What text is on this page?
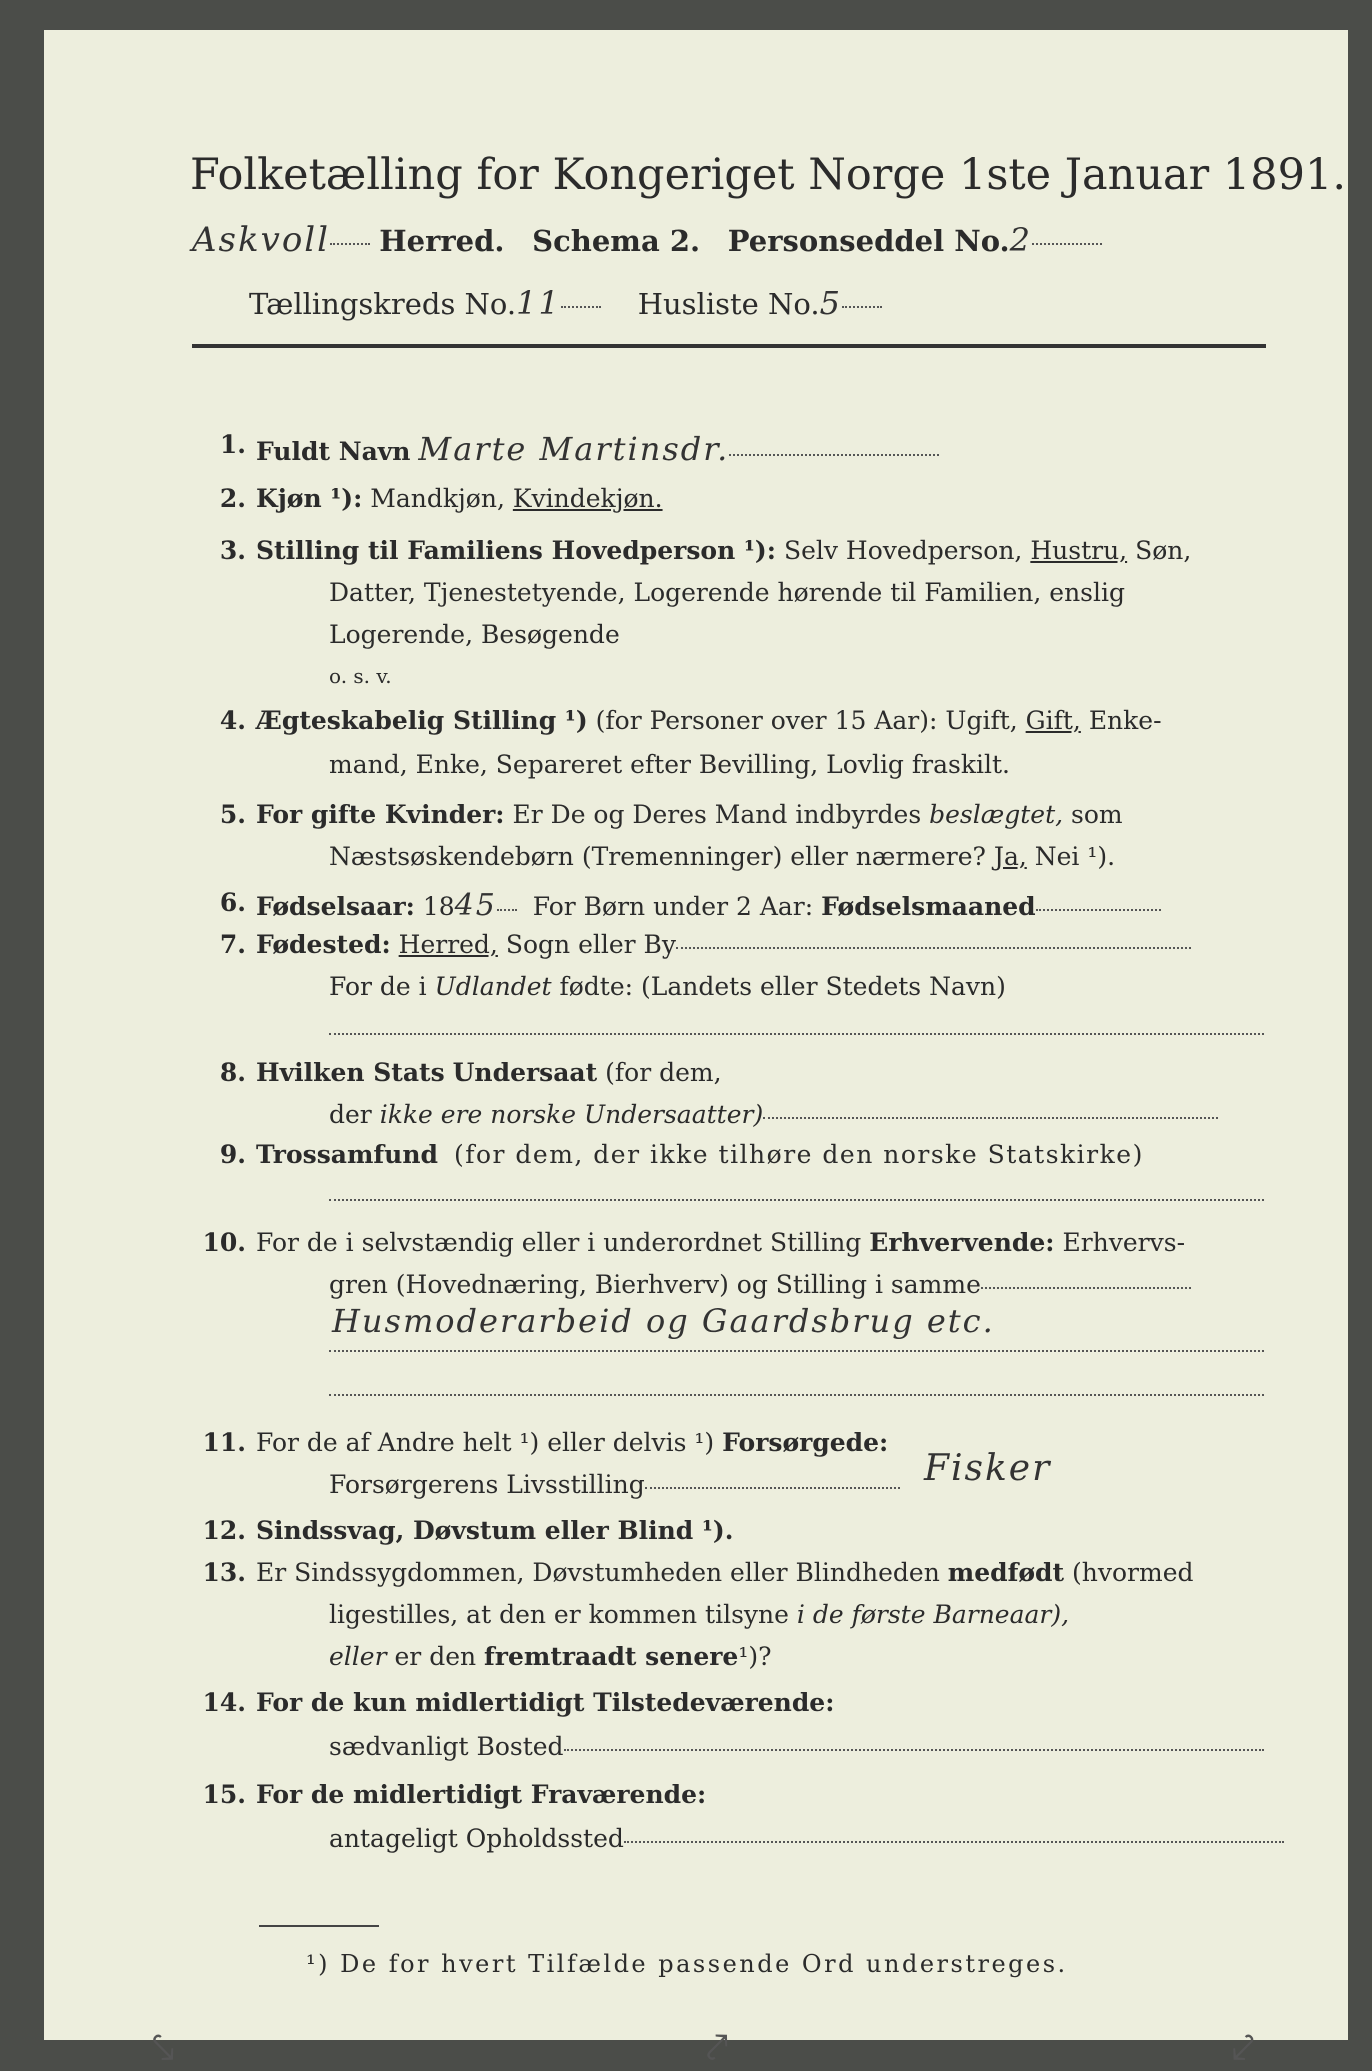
Folketælling for Kongeriget Norge 1ste Januar 1891.
Askvoll Herred. Schema 2. Personseddel No.2
Tællingskreds No.11	Husliste No.5
1. Fuldt Navn Marte Martinsdr.
2. Kjøn ¹): Mandkjøn, Kvindekjøn.
3. Stilling til Familiens Hovedperson ¹): Selv Hovedperson, Hustru, Søn,
Datter, Tjenestetyende, Logerende hørende til Familien, enslig
Logerende, Besøgende
o. s. v.
4. Ægteskabelig Stilling ¹) (for Personer over 15 Aar): Ugift, Gift, Enke-
mand, Enke, Separeret efter Bevilling, Lovlig fraskilt.
5. For gifte Kvinder: Er De og Deres Mand indbyrdes beslægtet, som
Næstsøskendebørn (Tremenninger) eller nærmere? Ja, Nei ¹).
6. Fødselsaar: 1845 For Børn under 2 Aar: Fødselsmaaned
7. Fødested: Herred, Sogn eller By
For de i Udlandet fødte: (Landets eller Stedets Navn)
8. Hvilken Stats Undersaat (for dem,
der ikke ere norske Undersaatter)
9. Trossamfund (for dem, der ikke tilhøre den norske Statskirke)
10. For de i selvstændig eller i underordnet Stilling Erhvervende: Erhvervs-
gren (Hovednæring, Bierhverv) og Stilling i samme
Husmoderarbeid og Gaardsbrug etc.
11. For de af Andre helt ¹) eller delvis ¹) Forsørgede:
Forsørgerens Livsstilling	Fisker
12. Sindssvag, Døvstum eller Blind ¹).
13. Er Sindssygdommen, Døvstumheden eller Blindheden medfødt (hvormed
ligestilles, at den er kommen tilsyne i de første Barneaar),
eller er den fremtraadt senere¹)?
14. For de kun midlertidigt Tilstedeværende:
sædvanligt Bosted
15. For de midlertidigt Fraværende:
antageligt Opholdssted
¹) De for hvert Tilfælde passende Ord understreges.
⤥	⤤	⤦
